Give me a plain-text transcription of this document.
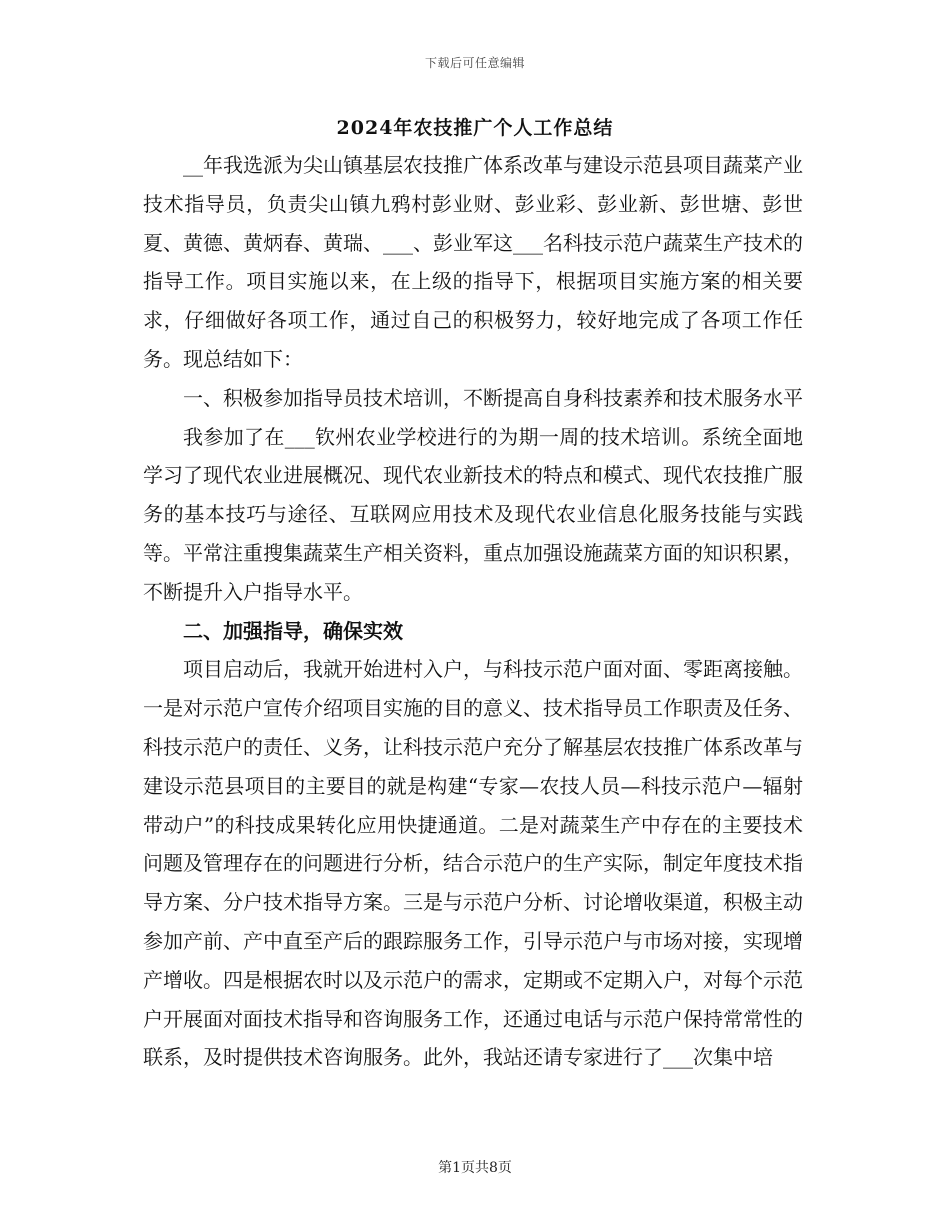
下载后可任意编辑
2024年农技推广个人工作总结

__年我选派为尖山镇基层农技推广体系改革与建设示范县项目蔬菜产业技术指导员，负责尖山镇九鸦村彭业财、彭业彩、彭业新、彭世塘、彭世夏、黄德、黄炳春、黄瑞、___、彭业军这___名科技示范户蔬菜生产技术的指导工作。项目实施以来，在上级的指导下，根据项目实施方案的相关要求，仔细做好各项工作，通过自己的积极努力，较好地完成了各项工作任务。现总结如下：

一、积极参加指导员技术培训，不断提高自身科技素养和技术服务水平

我参加了在___钦州农业学校进行的为期一周的技术培训。系统全面地学习了现代农业进展概况、现代农业新技术的特点和模式、现代农技推广服务的基本技巧与途径、互联网应用技术及现代农业信息化服务技能与实践等。平常注重搜集蔬菜生产相关资料，重点加强设施蔬菜方面的知识积累，不断提升入户指导水平。

二、加强指导，确保实效

项目启动后，我就开始进村入户，与科技示范户面对面、零距离接触。一是对示范户宣传介绍项目实施的目的意义、技术指导员工作职责及任务、科技示范户的责任、义务，让科技示范户充分了解基层农技推广体系改革与建设示范县项目的主要目的就是构建“专家—农技人员—科技示范户—辐射带动户”的科技成果转化应用快捷通道。二是对蔬菜生产中存在的主要技术问题及管理存在的问题进行分析，结合示范户的生产实际，制定年度技术指导方案、分户技术指导方案。三是与示范户分析、讨论增收渠道，积极主动参加产前、产中直至产后的跟踪服务工作，引导示范户与市场对接，实现增产增收。四是根据农时以及示范户的需求，定期或不定期入户，对每个示范户开展面对面技术指导和咨询服务工作，还通过电话与示范户保持常常性的联系，及时提供技术咨询服务。此外，我站还请专家进行了___次集中培

第1页共8页
